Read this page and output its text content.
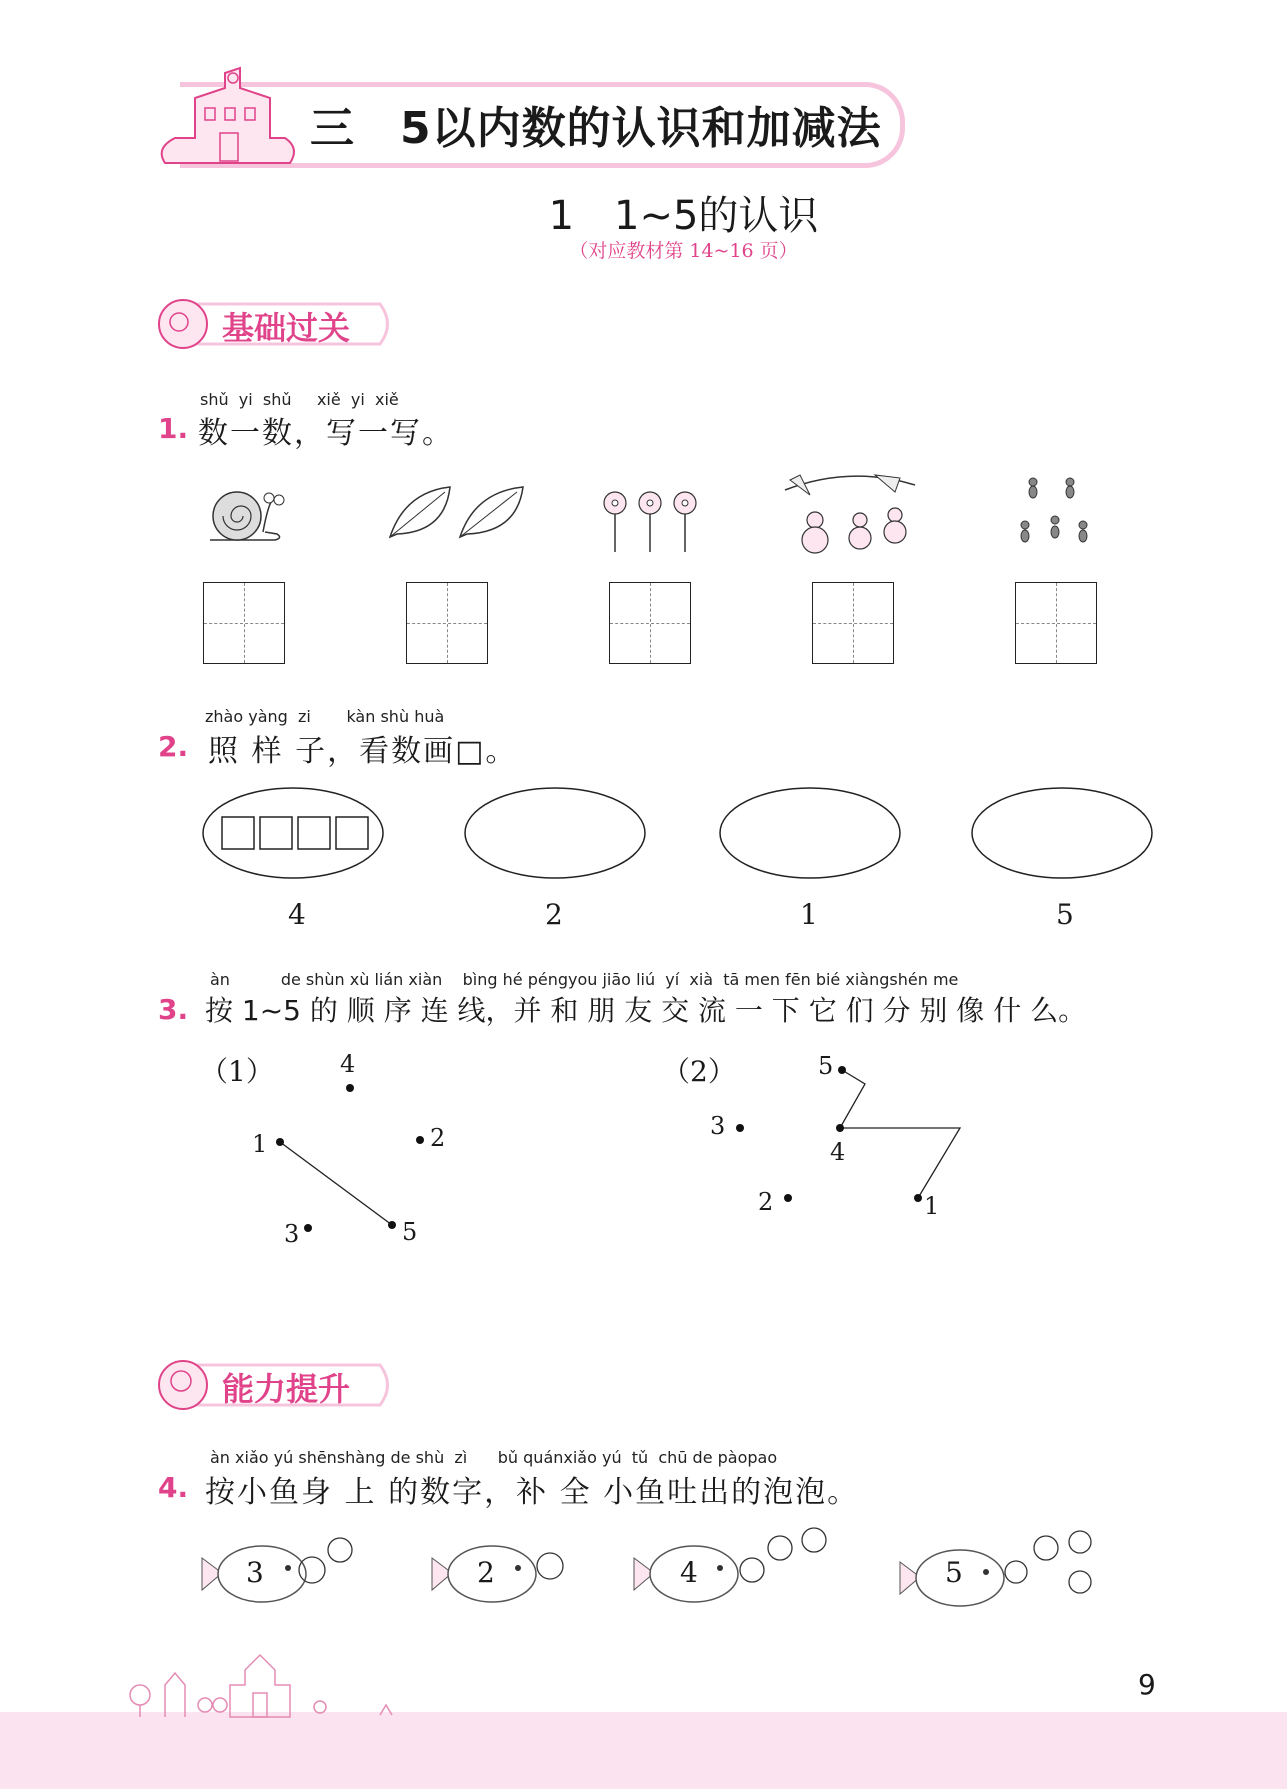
三　5以内数的认识和加减法
1　1~5的认识
（对应教材第 14~16 页）
基础过关
shǔ yi shǔ xiě yi xiě
1. 数一数，写一写。
zhào yàng zi kàn shù huà
2. 照 样 子，看数画□。
4	2	1	5
àn	de shùn xù lián xiàn bìng hé péngyou jiāo liú yí xià tā men fēn bié xiàngshén me
3. 按 1~5 的 顺 序 连 线，并 和 朋 友 交 流 一 下 它 们 分 别 像 什 么。
（1）	4
2
1
3	5
（2）	5
3
4
2	1
能力提升
àn xiǎo yú shēnshàng de shù zì bǔ quánxiǎo yú tǔ chū de pàopao
4. 按小鱼身 上 的数字，补 全 小鱼吐出的泡泡。
3	2	4	5
9
